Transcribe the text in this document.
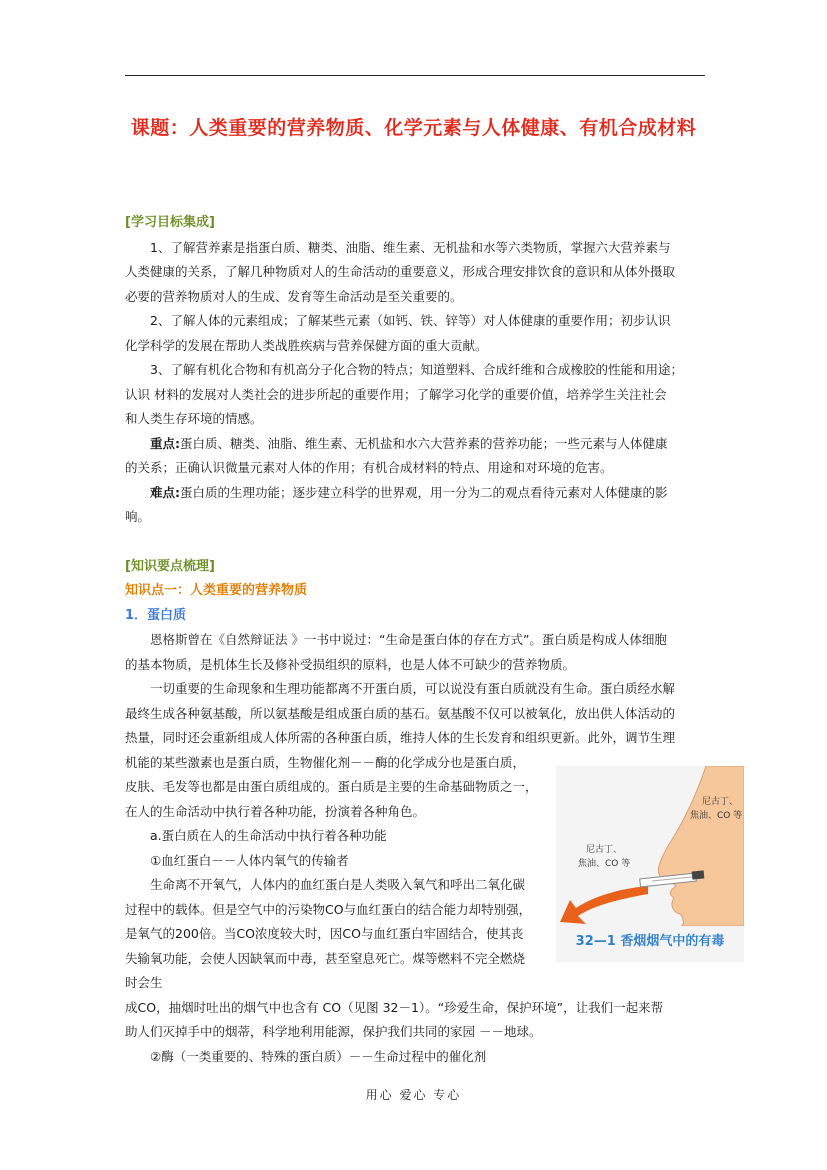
课题：人类重要的营养物质、化学元素与人体健康、有机合成材料
[学习目标集成]

1、了解营养素是指蛋白质、糖类、油脂、维生素、无机盐和水等六类物质，掌握六大营养素与

人类健康的关系，了解几种物质对人的生命活动的重要意义，形成合理安排饮食的意识和从体外摄取

必要的营养物质对人的生成、发育等生命活动是至关重要的。

2、了解人体的元素组成；了解某些元素（如钙、铁、锌等）对人体健康的重要作用；初步认识

化学科学的发展在帮助人类战胜疾病与营养保健方面的重大贡献。

3、了解有机化合物和有机高分子化合物的特点；知道塑料、合成纤维和合成橡胶的性能和用途；

认识 材料的发展对人类社会的进步所起的重要作用；了解学习化学的重要价值，培养学生关注社会

和人类生存环境的情感。

重点:蛋白质、糖类、油脂、维生素、无机盐和水六大营养素的营养功能；一些元素与人体健康

的关系；正确认识微量元素对人体的作用；有机合成材料的特点、用途和对环境的危害。

难点:蛋白质的生理功能；逐步建立科学的世界观，用一分为二的观点看待元素对人体健康的影

响。

[知识要点梳理]
知识点一：人类重要的营养物质
1．蛋白质

恩格斯曾在《自然辩证法 》一书中说过：“生命是蛋白体的存在方式”。蛋白质是构成人体细胞

的基本物质，是机体生长及修补受损组织的原料，也是人体不可缺少的营养物质。

一切重要的生命现象和生理功能都离不开蛋白质，可以说没有蛋白质就没有生命。蛋白质经水解

最终生成各种氨基酸，所以氨基酸是组成蛋白质的基石。氨基酸不仅可以被氧化，放出供人体活动的

热量，同时还会重新组成人体所需的各种蛋白质，维持人体的生长发育和组织更新。此外，调节生理

机能的某些激素也是蛋白质，生物催化剂－－酶的化学成分也是蛋白质，

皮肤、毛发等也都是由蛋白质组成的。蛋白质是主要的生命基础物质之一，

在人的生命活动中执行着各种功能，扮演着各种角色。

a.蛋白质在人的生命活动中执行着各种功能

①血红蛋白－－人体内氧气的传输者

生命离不开氧气，人体内的血红蛋白是人类吸入氧气和呼出二氧化碳

过程中的载体。但是空气中的污染物CO与血红蛋白的结合能力却特别强，

是氧气的200倍。当CO浓度较大时，因CO与血红蛋白牢固结合，使其丧

失输氧功能，会使人因缺氧而中毒，甚至窒息死亡。煤等燃料不完全燃烧

时会生

成CO，抽烟时吐出的烟气中也含有 CO（见图 32－1）。“珍爱生命，保护环境”，让我们一起来帮

助人们灭掉手中的烟蒂，科学地利用能源，保护我们共同的家园 －－地球。

②酶（一类重要的、特殊的蛋白质）－－生命过程中的催化剂

尼古丁、
焦油、CO 等
尼古丁、
焦油、CO 等
32—1 香烟烟气中的有毒
用心 爱心 专心
